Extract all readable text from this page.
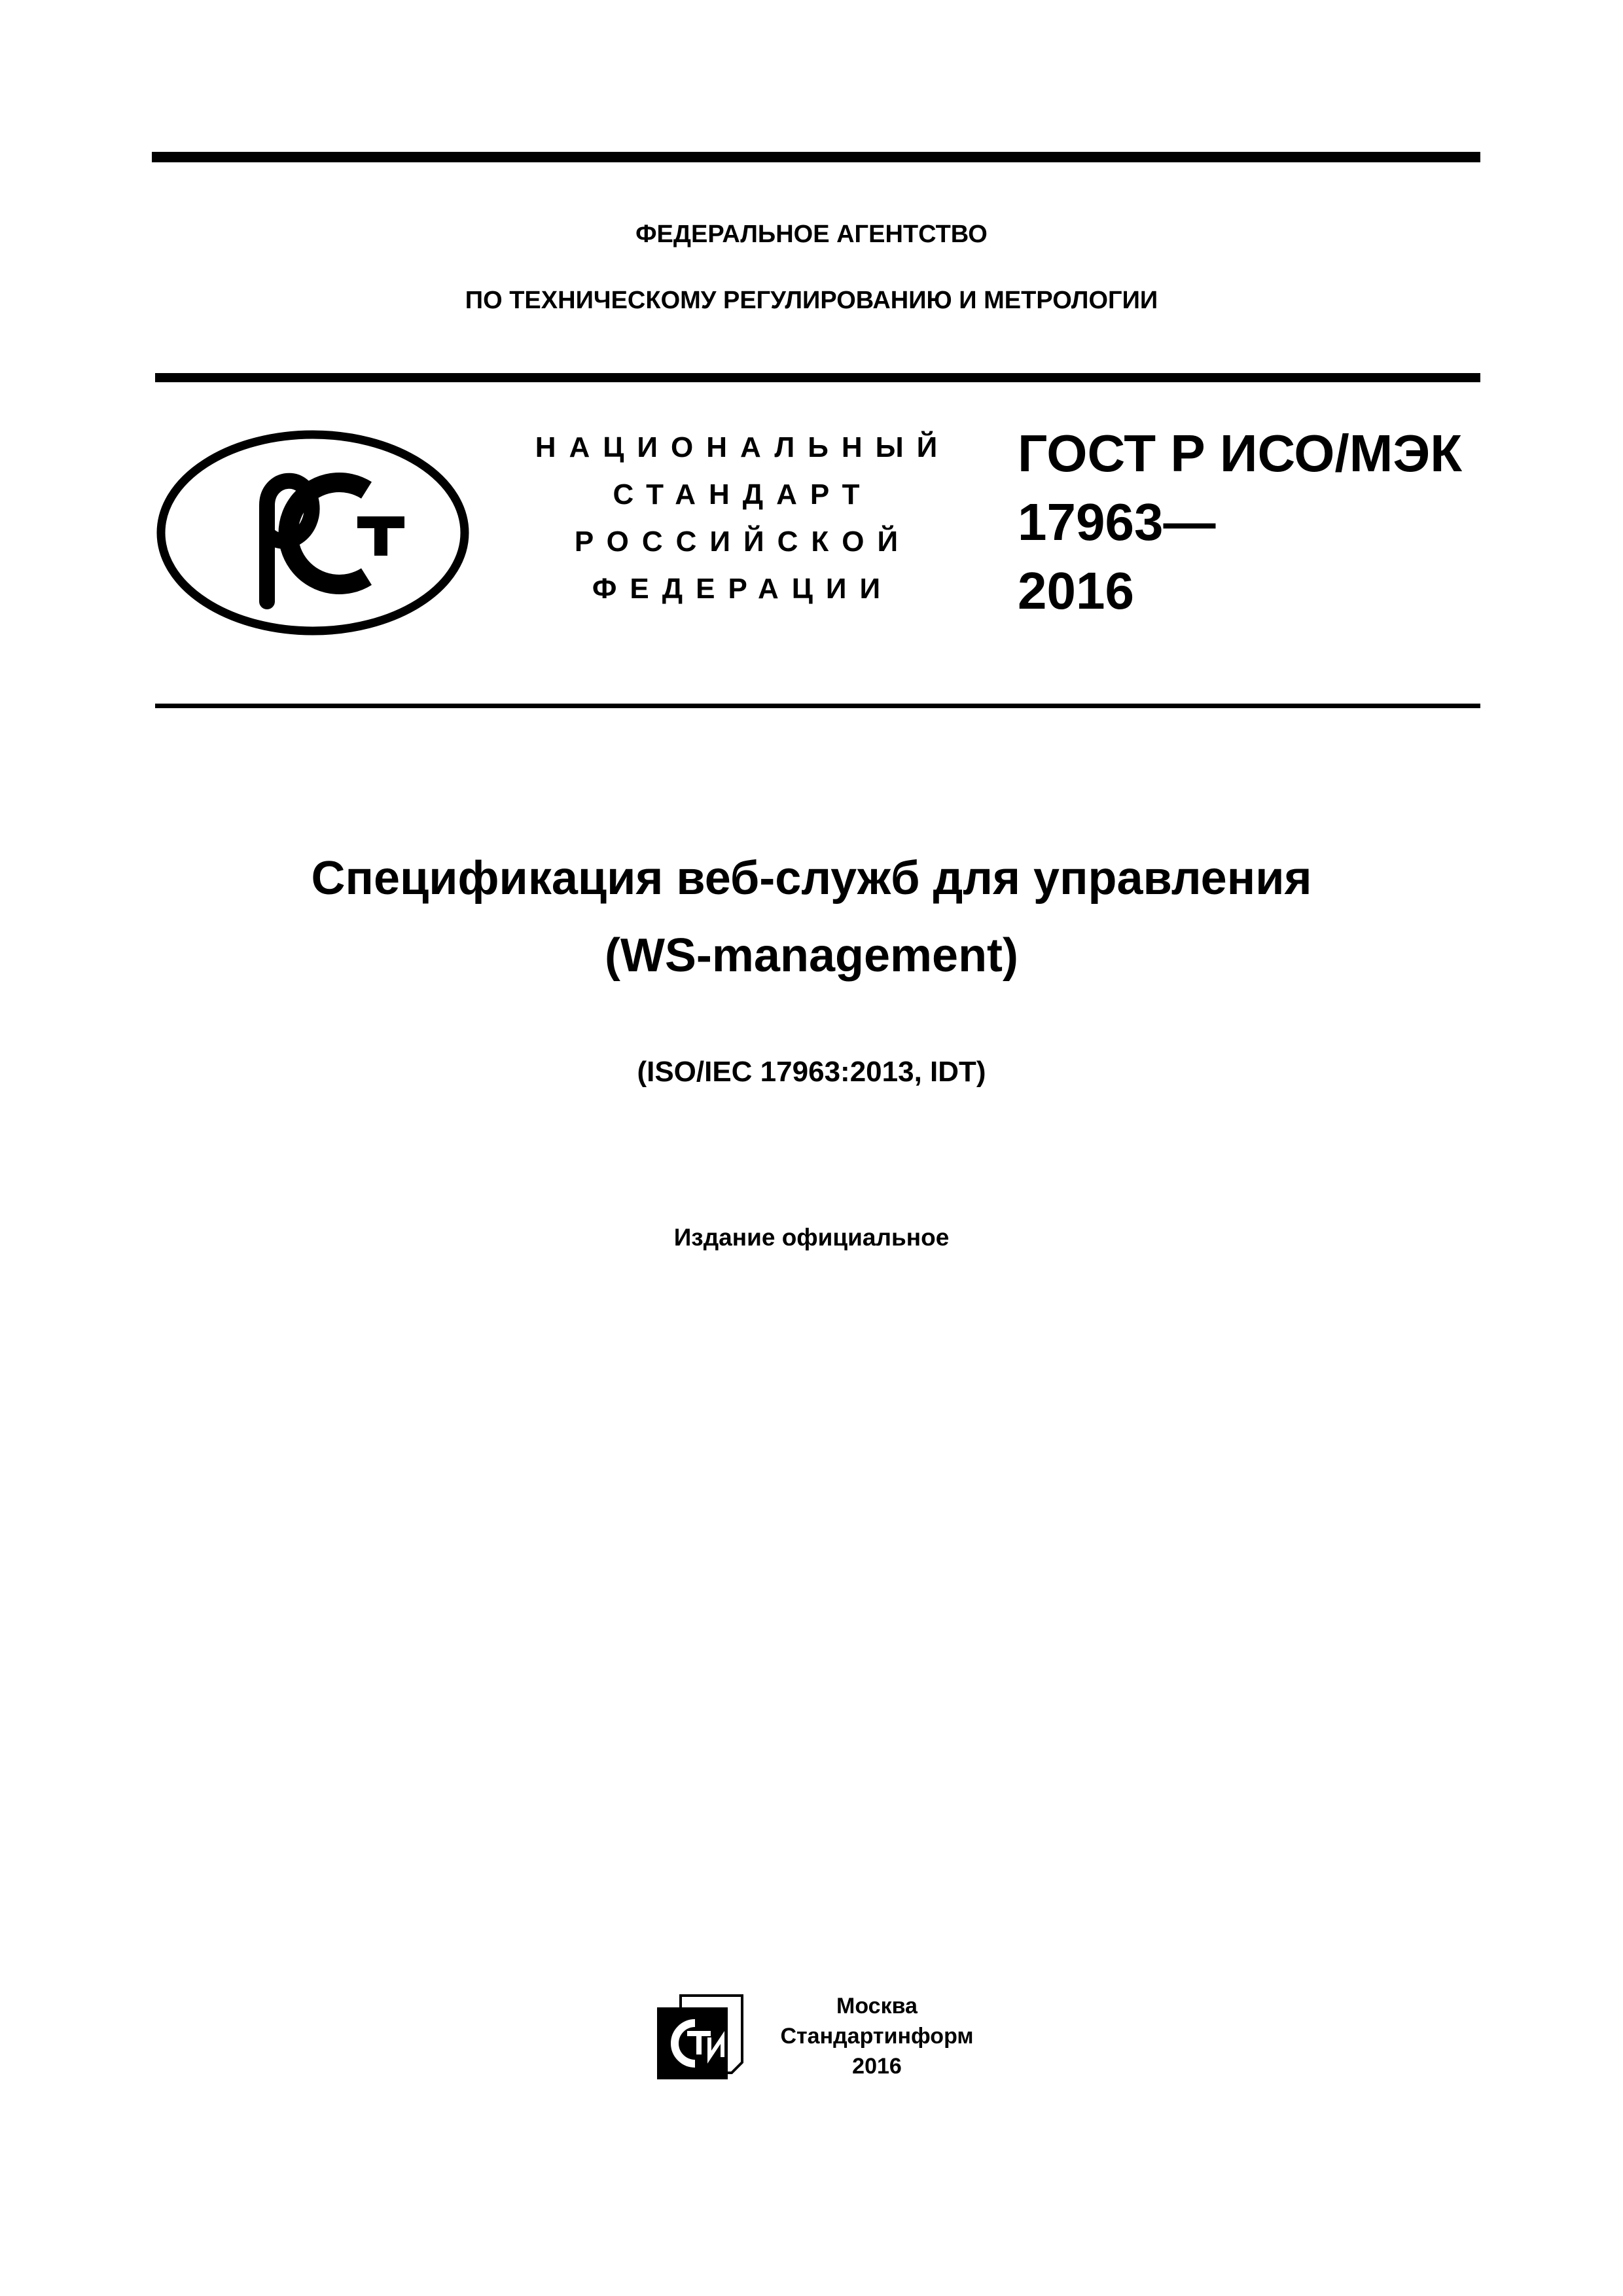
ФЕДЕРАЛЬНОЕ АГЕНТСТВО
ПО ТЕХНИЧЕСКОМУ РЕГУЛИРОВАНИЮ И МЕТРОЛОГИИ
НАЦИОНАЛЬНЫЙ
СТАНДАРТ
РОССИЙСКОЙ
ФЕДЕРАЦИИ
ГОСТ Р ИСО/МЭК
17963—
2016
Спецификация веб-служб для управления
(WS-management)
(ISO/IEC 17963:2013, IDT)
Издание официальное
Москва
Стандартинформ
2016
